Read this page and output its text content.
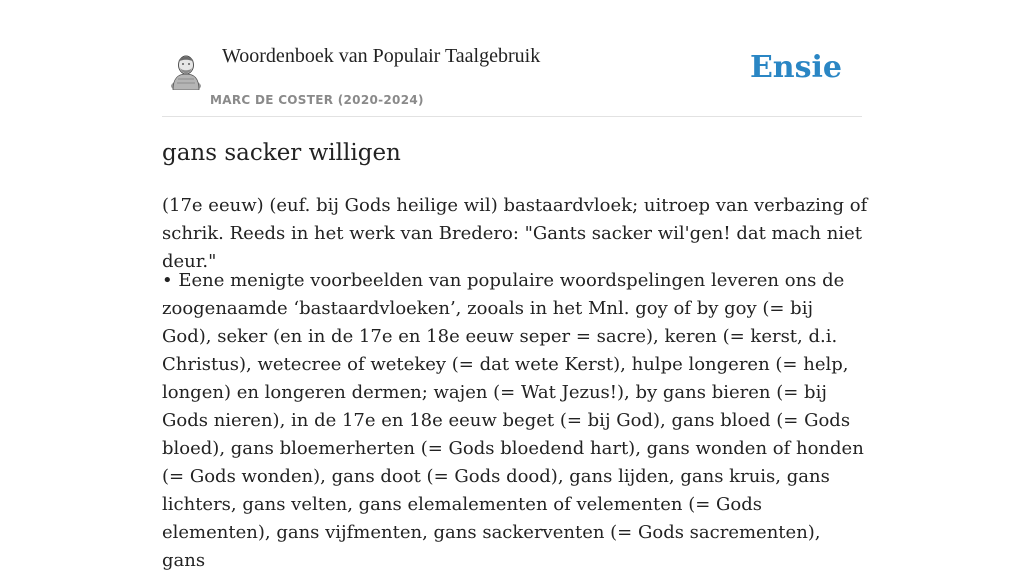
Woordenboek van Populair Taalgebruik
MARC DE COSTER (2020-2024)
Ensie
gans sacker willigen

(17e eeuw) (euf. bij Gods heilige wil) bastaardvloek; uitroep van verbazing of schrik. Reeds in het werk van Bredero: "Gants sacker wil'gen! dat mach niet deur."

• Eene menigte voorbeelden van populaire woordspelingen leveren ons de zoogenaamde ‘bastaardvloeken’, zooals in het Mnl. goy of by goy (= bij God), seker (en in de 17e en 18e eeuw seper = sacre), keren (= kerst, d.i. Christus), wetecree of wetekey (= dat wete Kerst), hulpe longeren (= help, longen) en longeren dermen; wajen (= Wat Jezus!), by gans bieren (= bij Gods nieren), in de 17e en 18e eeuw beget (= bij God), gans bloed (= Gods bloed), gans bloemerherten (= Gods bloedend hart), gans wonden of honden (= Gods wonden), gans doot (= Gods dood), gans lijden, gans kruis, gans lichters, gans velten, gans elemalementen of velementen (= Gods elementen), gans vijfmenten, gans sackerventen (= Gods sacrementen), gans
